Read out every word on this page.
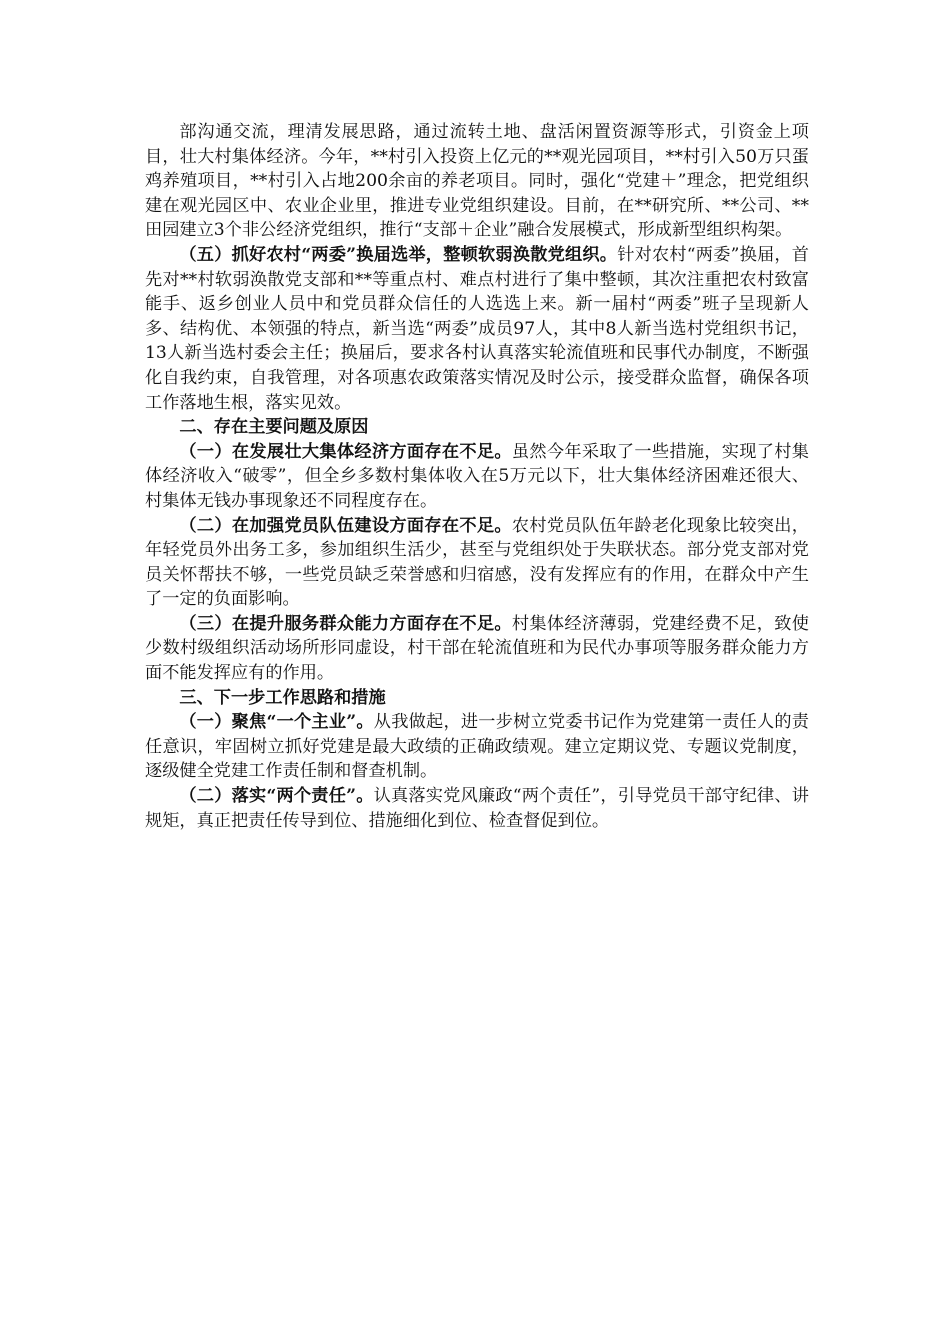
部沟通交流，理清发展思路，通过流转土地、盘活闲置资源等形式，引资金上项目，壮大村集体经济。今年，**村引入投资上亿元的**观光园项目，**村引入50万只蛋鸡养殖项目，**村引入占地200余亩的养老项目。同时，强化“党建＋”理念，把党组织建在观光园区中、农业企业里，推进专业党组织建设。目前，在**研究所、**公司、**田园建立3个非公经济党组织，推行“支部＋企业”融合发展模式，形成新型组织构架。

（五）抓好农村“两委”换届选举，整顿软弱涣散党组织。针对农村“两委”换届，首先对**村软弱涣散党支部和**等重点村、难点村进行了集中整顿，其次注重把农村致富能手、返乡创业人员中和党员群众信任的人选选上来。新一届村“两委”班子呈现新人多、结构优、本领强的特点，新当选“两委”成员97人，其中8人新当选村党组织书记，13人新当选村委会主任；换届后，要求各村认真落实轮流值班和民事代办制度，不断强化自我约束，自我管理，对各项惠农政策落实情况及时公示，接受群众监督，确保各项工作落地生根，落实见效。

二、存在主要问题及原因

（一）在发展壮大集体经济方面存在不足。虽然今年采取了一些措施，实现了村集体经济收入“破零”，但全乡多数村集体收入在5万元以下，壮大集体经济困难还很大、村集体无钱办事现象还不同程度存在。

（二）在加强党员队伍建设方面存在不足。农村党员队伍年龄老化现象比较突出，年轻党员外出务工多，参加组织生活少，甚至与党组织处于失联状态。部分党支部对党员关怀帮扶不够，一些党员缺乏荣誉感和归宿感，没有发挥应有的作用，在群众中产生了一定的负面影响。

（三）在提升服务群众能力方面存在不足。村集体经济薄弱，党建经费不足，致使少数村级组织活动场所形同虚设，村干部在轮流值班和为民代办事项等服务群众能力方面不能发挥应有的作用。

三、下一步工作思路和措施

（一）聚焦“一个主业”。从我做起，进一步树立党委书记作为党建第一责任人的责任意识，牢固树立抓好党建是最大政绩的正确政绩观。建立定期议党、专题议党制度，逐级健全党建工作责任制和督查机制。

（二）落实“两个责任”。认真落实党风廉政“两个责任”，引导党员干部守纪律、讲规矩，真正把责任传导到位、措施细化到位、检查督促到位。
